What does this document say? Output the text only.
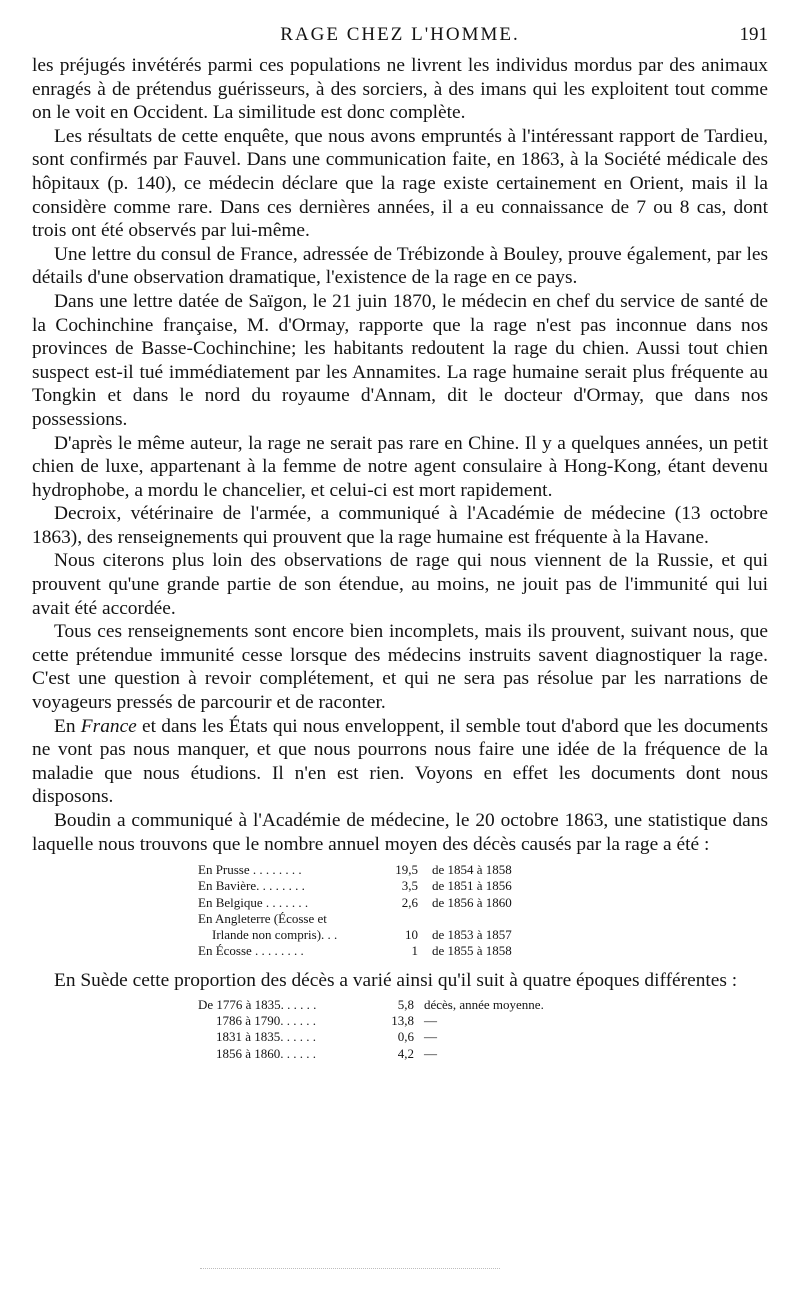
RAGE CHEZ L'HOMME.	191

les préjugés invétérés parmi ces populations ne livrent les individus mordus par des animaux enragés à de prétendus guérisseurs, à des sorciers, à des imans qui les exploitent tout comme on le voit en Occident. La similitude est donc complète.

Les résultats de cette enquête, que nous avons empruntés à l'intéressant rapport de Tardieu, sont confirmés par Fauvel. Dans une communication faite, en 1863, à la Société médicale des hôpitaux (p. 140), ce médecin déclare que la rage existe certainement en Orient, mais il la considère comme rare. Dans ces dernières années, il a eu connaissance de 7 ou 8 cas, dont trois ont été observés par lui-même.

Une lettre du consul de France, adressée de Trébizonde à Bouley, prouve également, par les détails d'une observation dramatique, l'existence de la rage en ce pays.

Dans une lettre datée de Saïgon, le 21 juin 1870, le médecin en chef du service de santé de la Cochinchine française, M. d'Ormay, rapporte que la rage n'est pas inconnue dans nos provinces de Basse-Cochinchine; les habitants redoutent la rage du chien. Aussi tout chien suspect est-il tué immédiatement par les Annamites. La rage humaine serait plus fréquente au Tongkin et dans le nord du royaume d'Annam, dit le docteur d'Ormay, que dans nos possessions.

D'après le même auteur, la rage ne serait pas rare en Chine. Il y a quelques années, un petit chien de luxe, appartenant à la femme de notre agent consulaire à Hong-Kong, étant devenu hydrophobe, a mordu le chancelier, et celui-ci est mort rapidement.

Decroix, vétérinaire de l'armée, a communiqué à l'Académie de médecine (13 octobre 1863), des renseignements qui prouvent que la rage humaine est fréquente à la Havane.

Nous citerons plus loin des observations de rage qui nous viennent de la Russie, et qui prouvent qu'une grande partie de son étendue, au moins, ne jouit pas de l'immunité qui lui avait été accordée.

Tous ces renseignements sont encore bien incomplets, mais ils prouvent, suivant nous, que cette prétendue immunité cesse lorsque des médecins instruits savent diagnostiquer la rage. C'est une question à revoir complétement, et qui ne sera pas résolue par les narrations de voyageurs pressés de parcourir et de raconter.

En France et dans les États qui nous enveloppent, il semble tout d'abord que les documents ne vont pas nous manquer, et que nous pourrons nous faire une idée de la fréquence de la maladie que nous étudions. Il n'en est rien. Voyons en effet les documents dont nous disposons.

Boudin a communiqué à l'Académie de médecine, le 20 octobre 1863, une statistique dans laquelle nous trouvons que le nombre annuel moyen des décès causés par la rage a été :

En Prusse . . . . . . . .	19,5	de 1854 à 1858
En Bavière. . . . . . . .	3,5	de 1851 à 1856
En Belgique . . . . . . .	2,6	de 1856 à 1860
En Angleterre (Écosse et
Irlande non compris). . .	10	de 1853 à 1857
En Écosse . . . . . . . .	1	de 1855 à 1858

En Suède cette proportion des décès a varié ainsi qu'il suit à quatre époques différentes :

De 1776 à 1835. . . . . .	5,8 décès, année moyenne.
1786 à 1790. . . . . .	13,8 —
1831 à 1835. . . . . .	0,6 —
1856 à 1860. . . . . .	4,2 —
